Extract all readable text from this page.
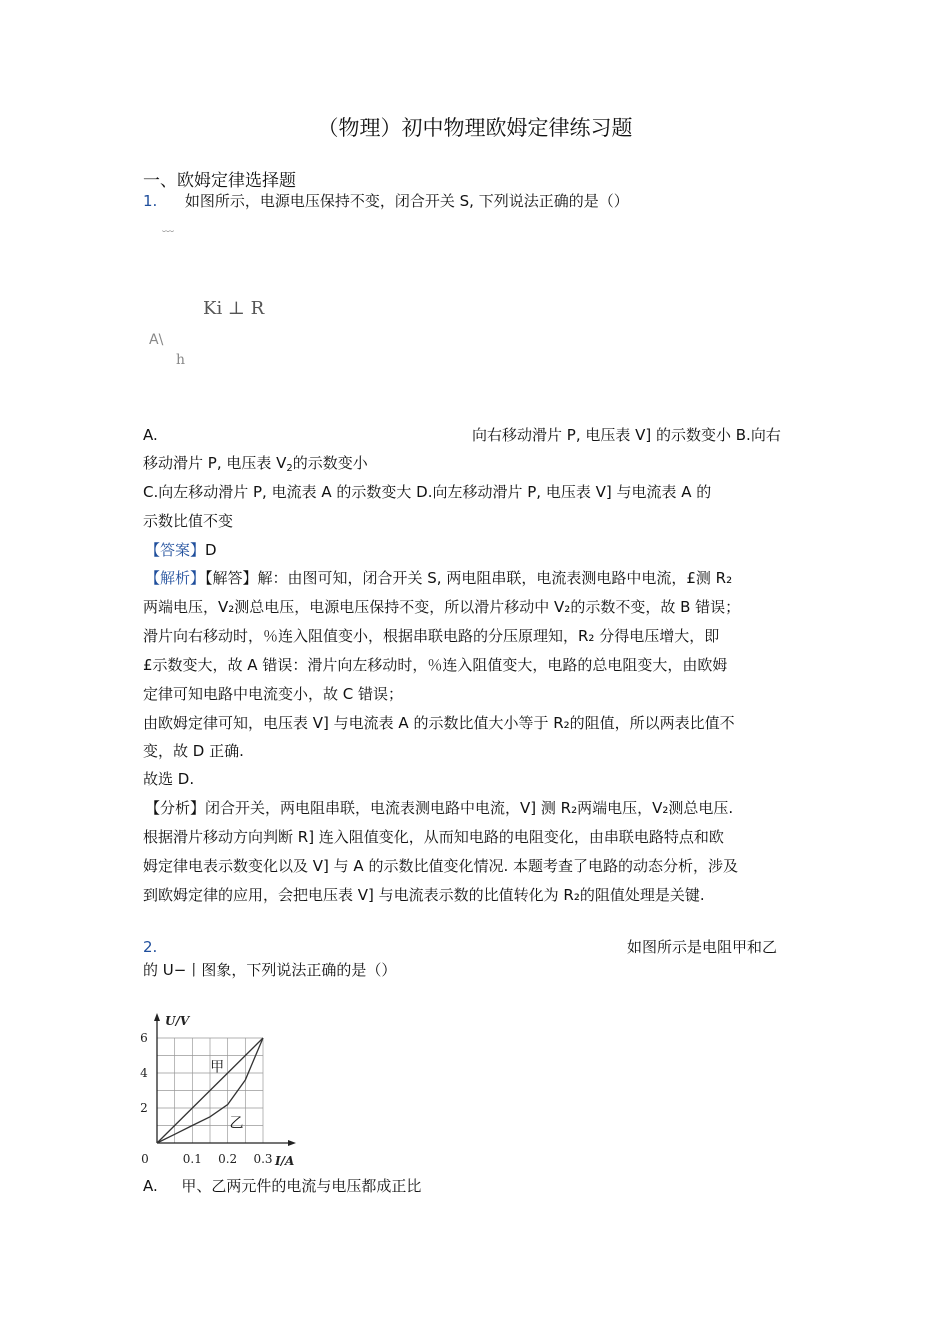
（物理）初中物理欧姆定律练习题
一、欧姆定律选择题
1. 如图所示，电源电压保持不变，闭合开关 S, 下列说法正确的是（）
﹋
Ki ⊥ R
A\
h
A.	向右移动滑片 P, 电压表 V] 的示数变小 B.向右
移动滑片 P, 电压表 $V_2$的示数变小
C.向左移动滑片 P, 电流表 A 的示数变大 D.向左移动滑片 P, 电压表 V] 与电流表 A 的
示数比值不变
【答案】D
【解析】【解答】解：由图可知，闭合开关 S, 两电阻串联，电流表测电路中电流，£测 R₂
两端电压，V₂测总电压，电源电压保持不变，所以滑片移动中 V₂的示数不变，故 B 错误；
滑片向右移动时，％连入阻值变小，根据串联电路的分压原理知，R₂ 分得电压增大，即
£示数变大，故 A 错误：滑片向左移动时，％连入阻值变大，电路的总电阻变大，由欧姆
定律可知电路中电流变小，故 C 错误；
由欧姆定律可知，电压表 V] 与电流表 A 的示数比值大小等于 R₂的阻值，所以两表比值不
变，故 D 正确.
故选 D.
【分析】闭合开关，两电阻串联，电流表测电路中电流，V] 测 R₂两端电压，V₂测总电压.
根据滑片移动方向判断 R] 连入阻值变化，从而知电路的电阻变化，由串联电路特点和欧
姆定律电表示数变化以及 V] 与 A 的示数比值变化情况. 本题考查了电路的动态分析，涉及
到欧姆定律的应用，会把电压表 V] 与电流表示数的比值转化为 R₂的阻值处理是关键.
2.	如图所示是电阻甲和乙
的 U−丨图象，下列说法正确的是（）
0	0.1 0.2 0.3
2
4
6
U/V
I/A
甲
乙
A. 甲、乙两元件的电流与电压都成正比
